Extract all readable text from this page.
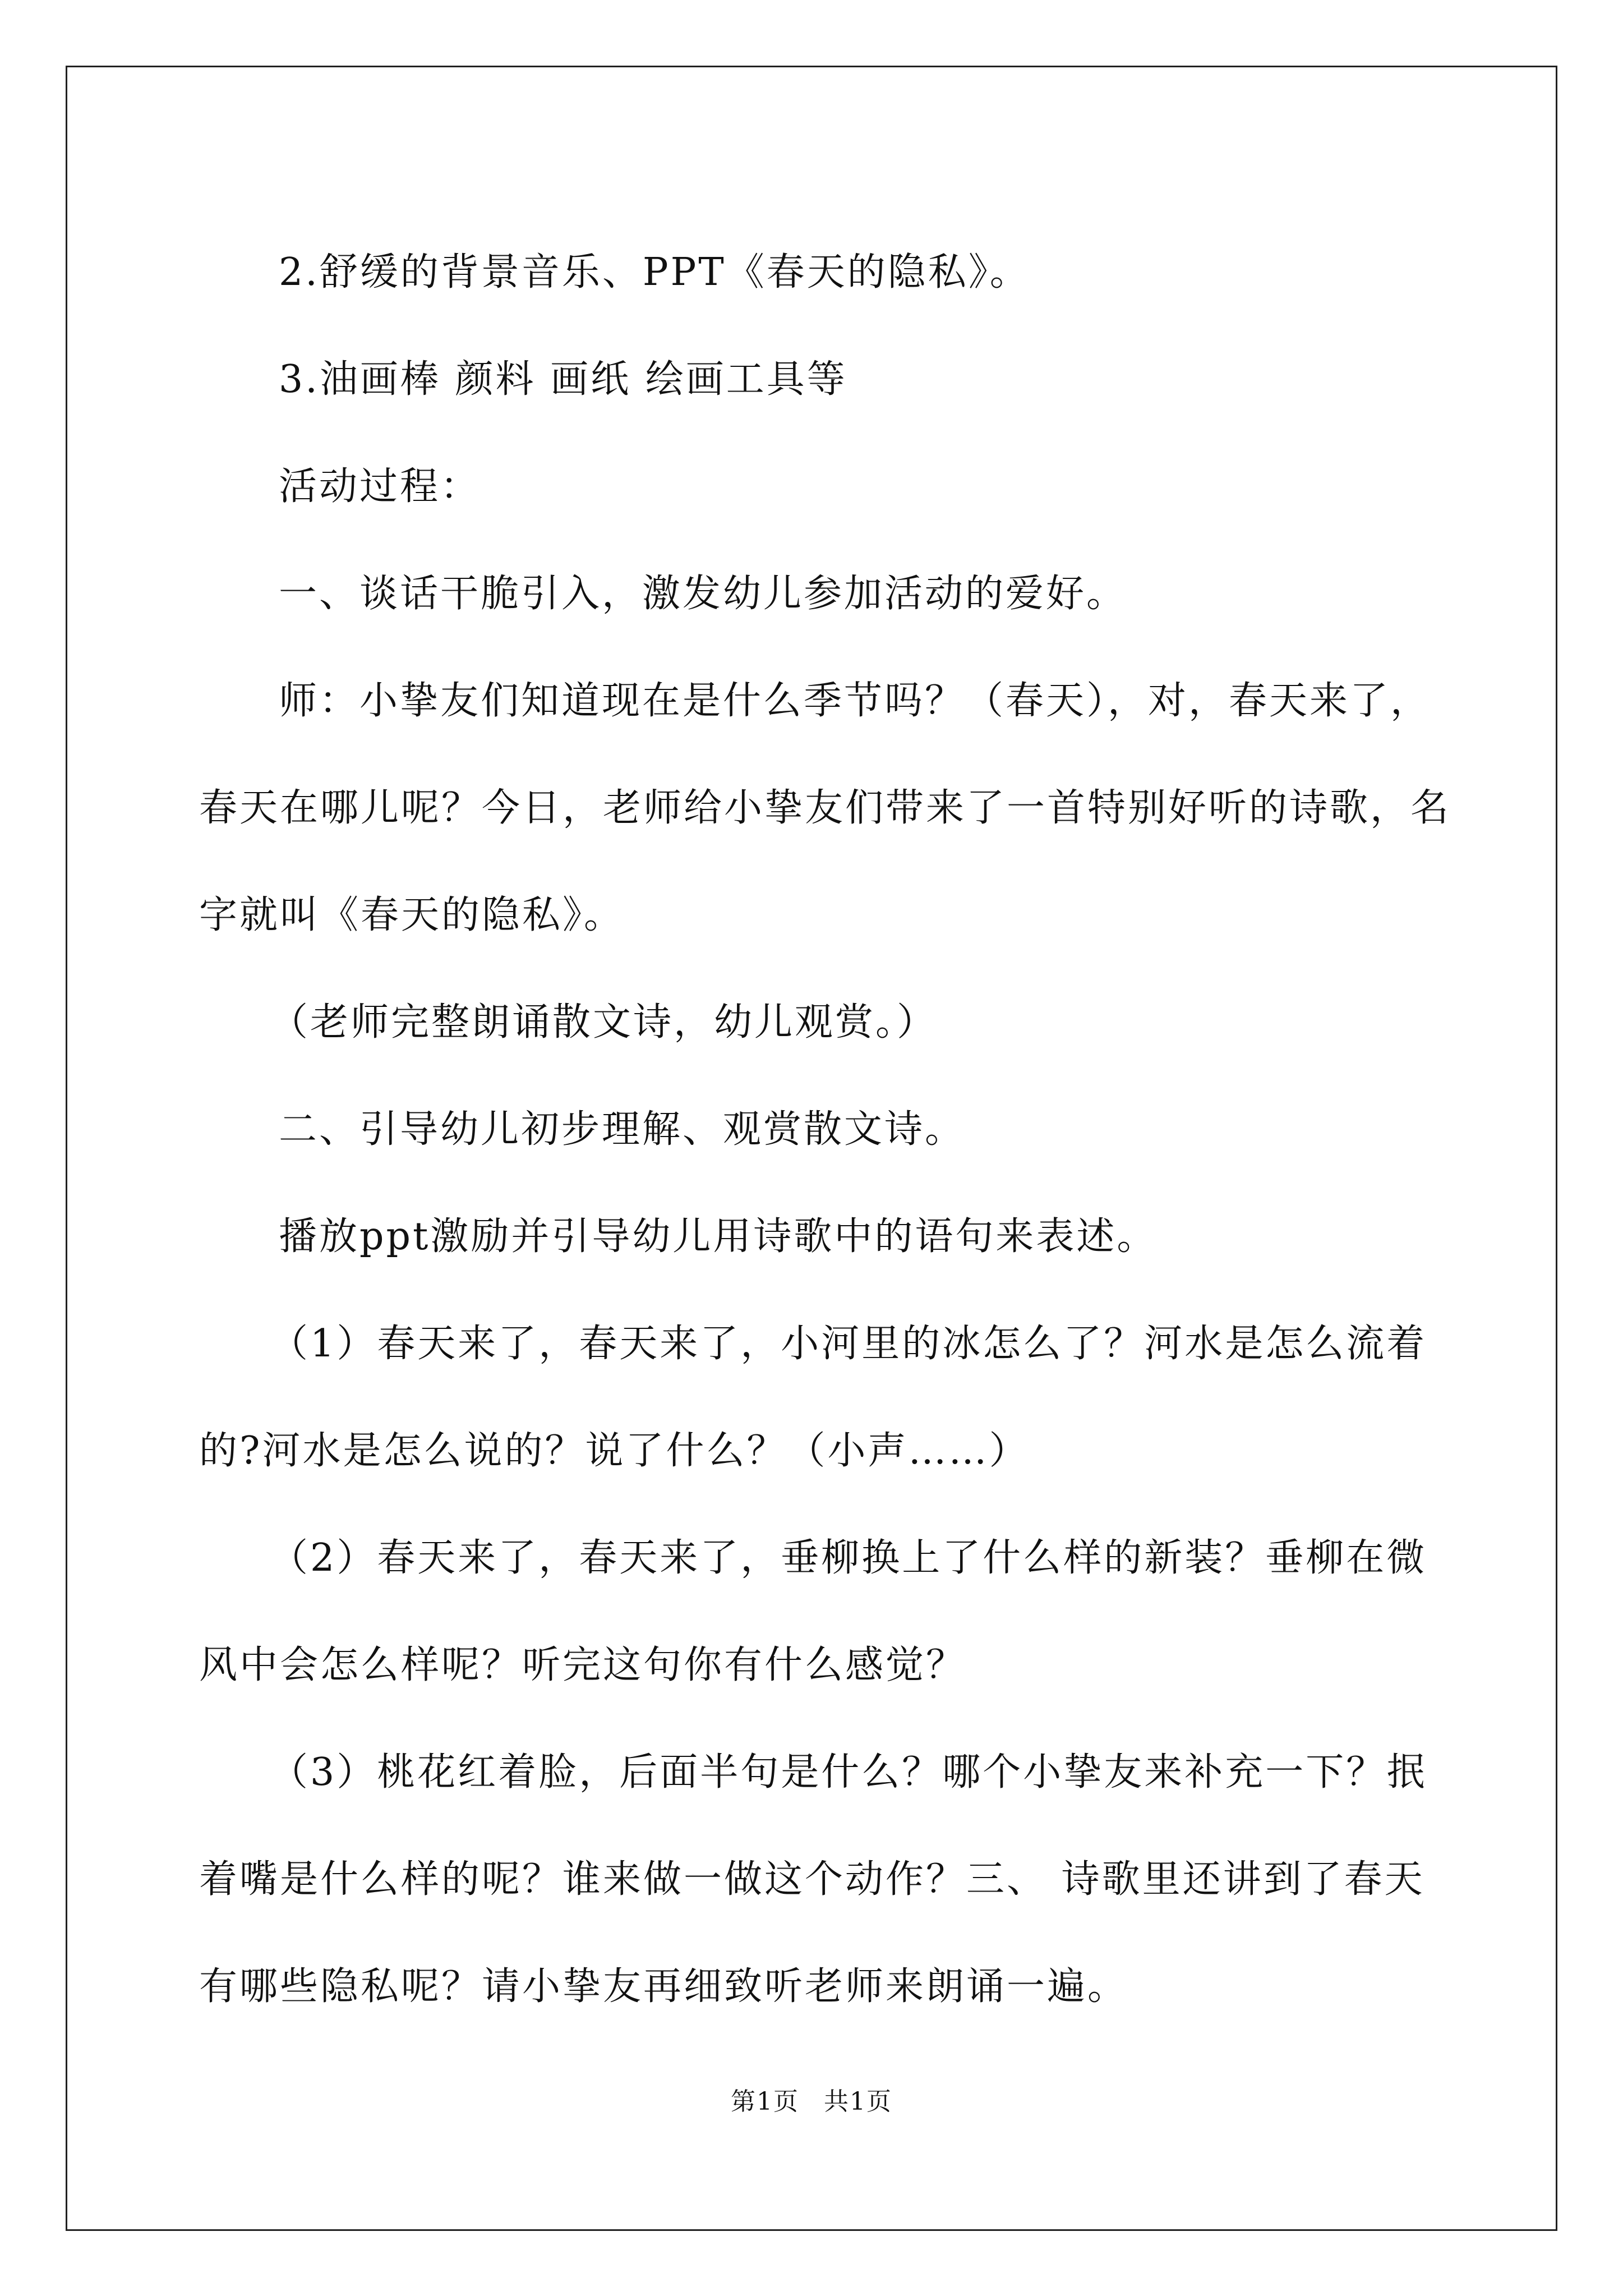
2.舒缓的背景音乐、PPT《春天的隐私》。

3.油画棒 颜料 画纸 绘画工具等

活动过程：

一、谈话干脆引入，激发幼儿参加活动的爱好。

师：小挚友们知道现在是什么季节吗？（春天），对，春天来了，春天在哪儿呢？今日，老师给小挚友们带来了一首特别好听的诗歌，名字就叫《春天的隐私》。

（老师完整朗诵散文诗，幼儿观赏。）

二、引导幼儿初步理解、观赏散文诗。

播放ppt激励并引导幼儿用诗歌中的语句来表述。

（1）春天来了，春天来了，小河里的冰怎么了？河水是怎么流着的?河水是怎么说的？说了什么？（小声……）

（2）春天来了，春天来了，垂柳换上了什么样的新装？垂柳在微风中会怎么样呢？听完这句你有什么感觉？

（3）桃花红着脸，后面半句是什么？哪个小挚友来补充一下？抿着嘴是什么样的呢？谁来做一做这个动作？三、 诗歌里还讲到了春天有哪些隐私呢？请小挚友再细致听老师来朗诵一遍。

第1页 共1页
